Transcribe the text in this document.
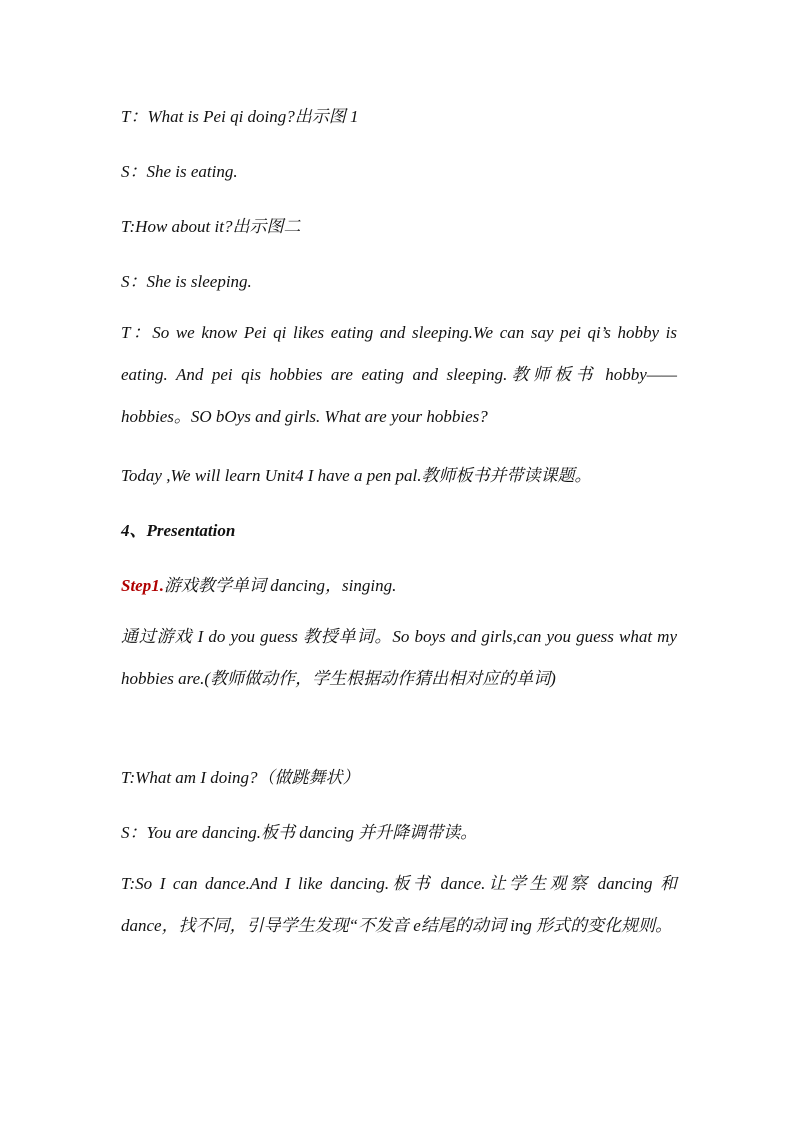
T：What is Pei qi doing?出示图 1

S：She is eating.

T:How about it?出示图二

S：She is sleeping.

T：So we know Pei qi likes eating and sleeping.We can say pei qi’s hobby is eating. And pei qis hobbies are eating and sleeping.教师板书 hobby——hobbies。SO bOys and girls. What are your hobbies?

Today ,We will learn Unit4 I have a pen pal.教师板书并带读课题。

4、Presentation

Step1.游戏教学单词 dancing，singing.

通过游戏 I do you guess 教授单词。So boys and girls,can you guess what my hobbies are.(教师做动作，学生根据动作猜出相对应的单词)

T:What am I doing?（做跳舞状）

S：You are dancing.板书 dancing 并升降调带读。

T:So I can dance.And I like dancing.板书 dance.让学生观察 dancing 和 dance，找不同，引导学生发现“不发音 e结尾的动词 ing 形式的变化规则。
